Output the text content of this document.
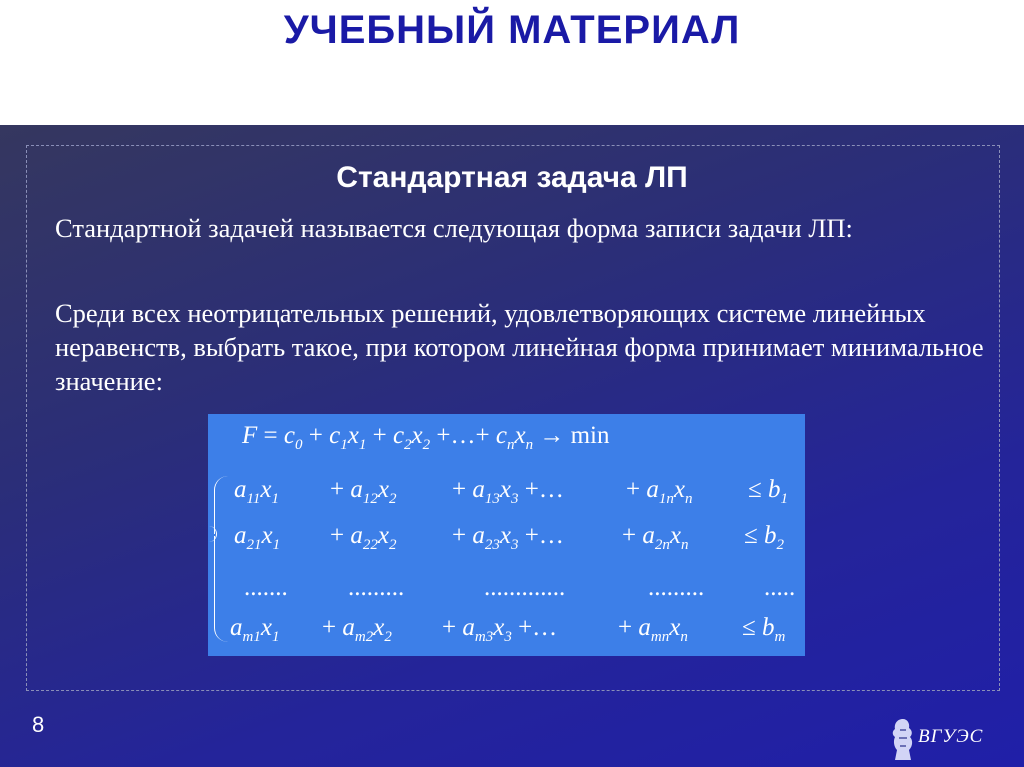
УЧЕБНЫЙ МАТЕРИАЛ
Стандартная задача ЛП
Стандартной задачей называется следующая форма записи задачи ЛП:
Среди всех неотрицательных решений, удовлетворяющих системе линейных неравенств, выбрать такое, при котором линейная форма принимает минимальное значение:
$F = c_0 + c_1x_1 + c_2x_2$ +…+ $c_nx_n \to \min$
$a_{11}x_1 + a_{12}x_2 + a_{13}x_3$ +… + $a_{1n}x_n \le b_1$
$a_{21}x_1 + a_{22}x_2 + a_{23}x_3$ +… + $a_{2n}x_n \le b_2$
....... .........	.............	......... .....
$a_{m1}x_1 + a_{m2}x_2 + a_{m3}x_3$ +… + $a_{mn}x_n \le b_m$
8	ВГУЭС
